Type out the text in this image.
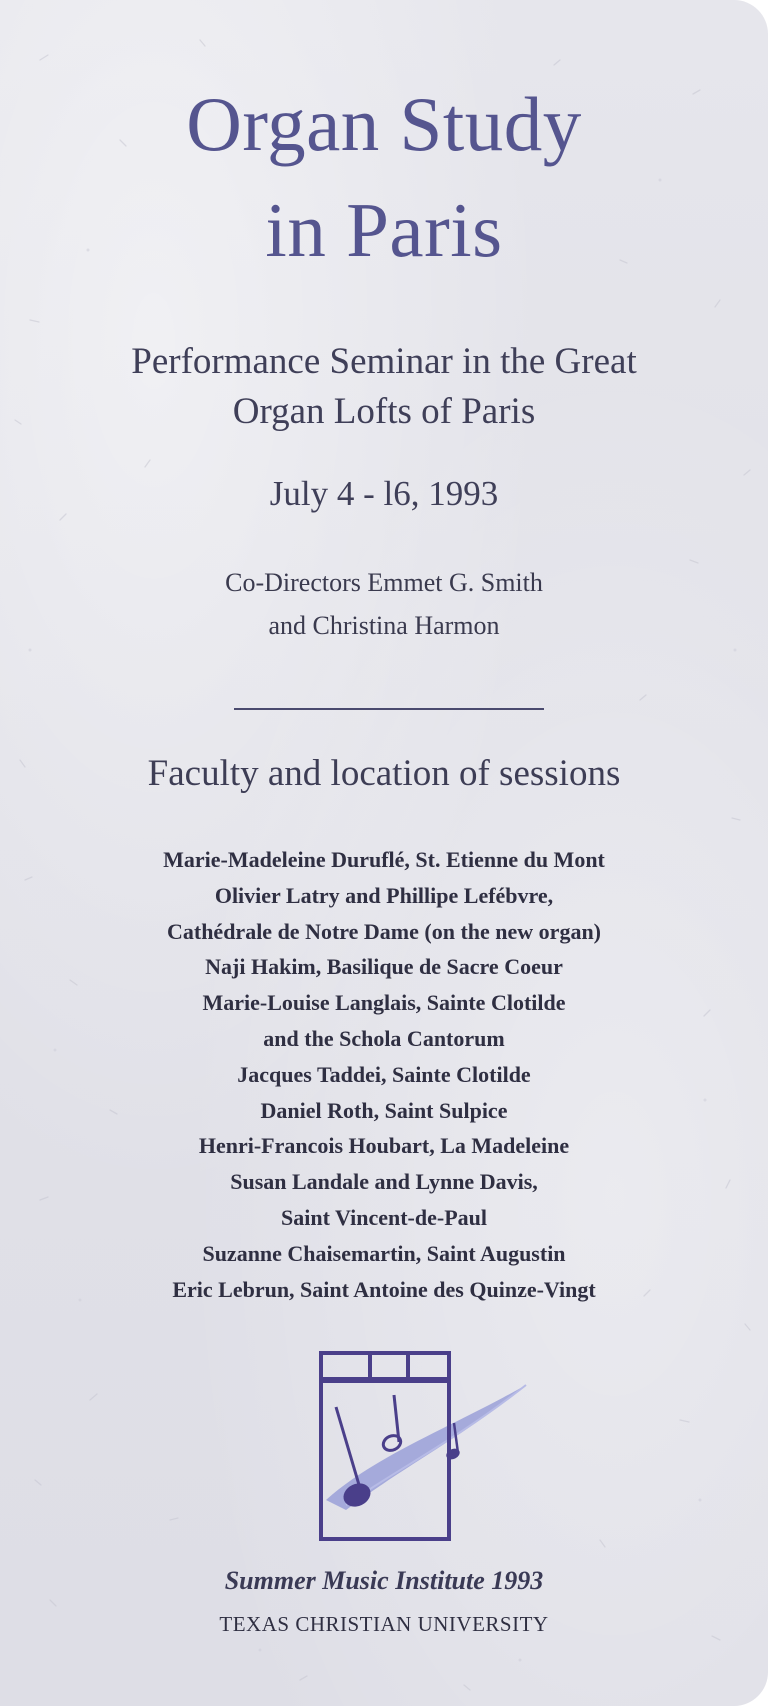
Organ Study
in Paris
Performance Seminar in the Great
Organ Lofts of Paris
July 4 - l6, 1993
Co-Directors Emmet G. Smith
and Christina Harmon
Faculty and location of sessions
Marie-Madeleine Duruflé, St. Etienne du Mont
Olivier Latry and Phillipe Lefébvre,
Cathédrale de Notre Dame (on the new organ)
Naji Hakim, Basilique de Sacre Coeur
Marie-Louise Langlais, Sainte Clotilde
and the Schola Cantorum
Jacques Taddei, Sainte Clotilde
Daniel Roth, Saint Sulpice
Henri-Francois Houbart, La Madeleine
Susan Landale and Lynne Davis,
Saint Vincent-de-Paul
Suzanne Chaisemartin, Saint Augustin
Eric Lebrun, Saint Antoine des Quinze-Vingt
Summer Music Institute 1993
TEXAS CHRISTIAN UNIVERSITY
